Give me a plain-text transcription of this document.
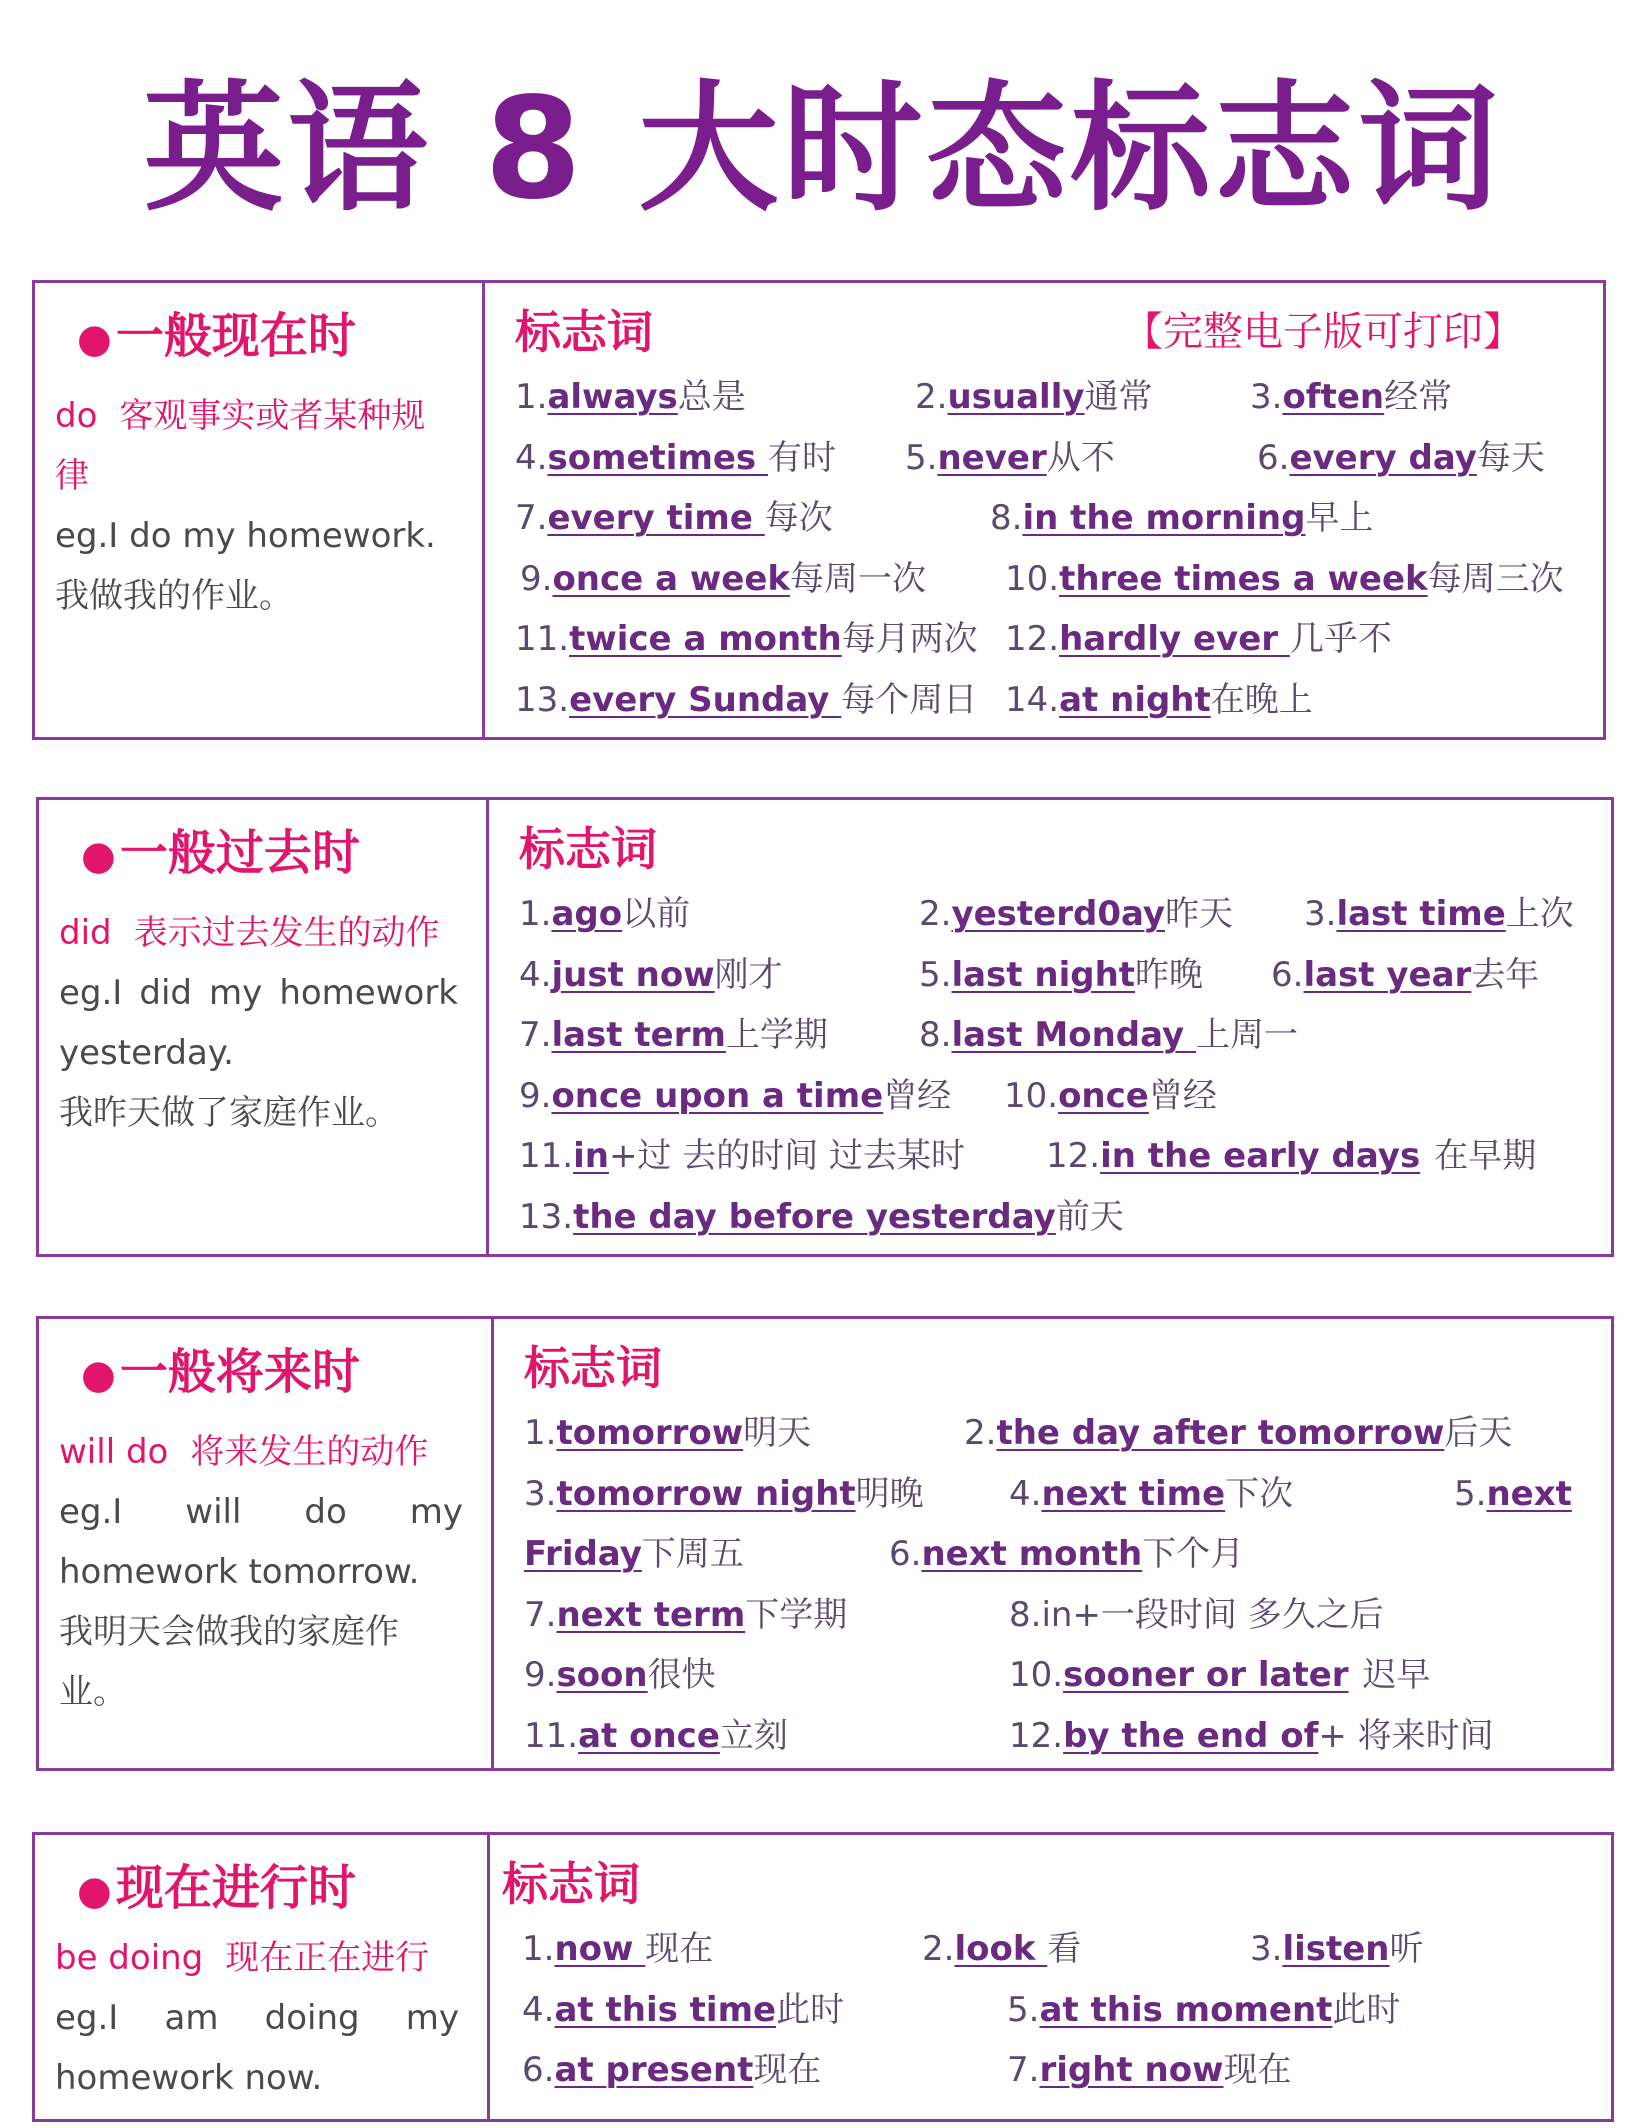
英语 8 大时态标志词
●一般现在时
do 客观事实或者某种规律
eg.I do my homework.
我做我的作业。
标志词	【完整电子版可打印】
1.always总是	2.usually通常	3.often经常
4.sometimes 有时 5.never从不	6.every day每天
7.every time 每次	8.in the morning早上
9.once a week每周一次 10.three times a week每周三次
11.twice a month每月两次 12.hardly ever 几乎不
13.every Sunday 每个周日 14.at night在晚上
●一般过去时
did 表示过去发生的动作
eg.I did my homework yesterday.
我昨天做了家庭作业。
标志词
1.ago以前	2.yesterd0ay昨天 3.last time上次
4.just now刚才	5.last night昨晚 6.last year去年
7.last term上学期	8.last Monday 上周一
9.once upon a time曾经 10.once曾经
11.in+过 去的时间 过去某时 12.in the early days 在早期
13.the day before yesterday前天
●一般将来时
will do 将来发生的动作
eg.I will do my homework tomorrow.
我明天会做我的家庭作业。
标志词
1.tomorrow明天	2.the day after tomorrow后天
3.tomorrow night明晚	4.next time下次	5.next
Friday下周五	6.next month下个月
7.next term下学期	8.in+一段时间 多久之后
9.soon很快	10.sooner or later 迟早
11.at once立刻	12.by the end of+ 将来时间
●现在进行时
be doing 现在正在进行
eg.I am doing my homework now.
标志词
1.now 现在	2.look 看	3.listen听
4.at this time此时	5.at this moment此时
6.at present现在	7.right now现在
